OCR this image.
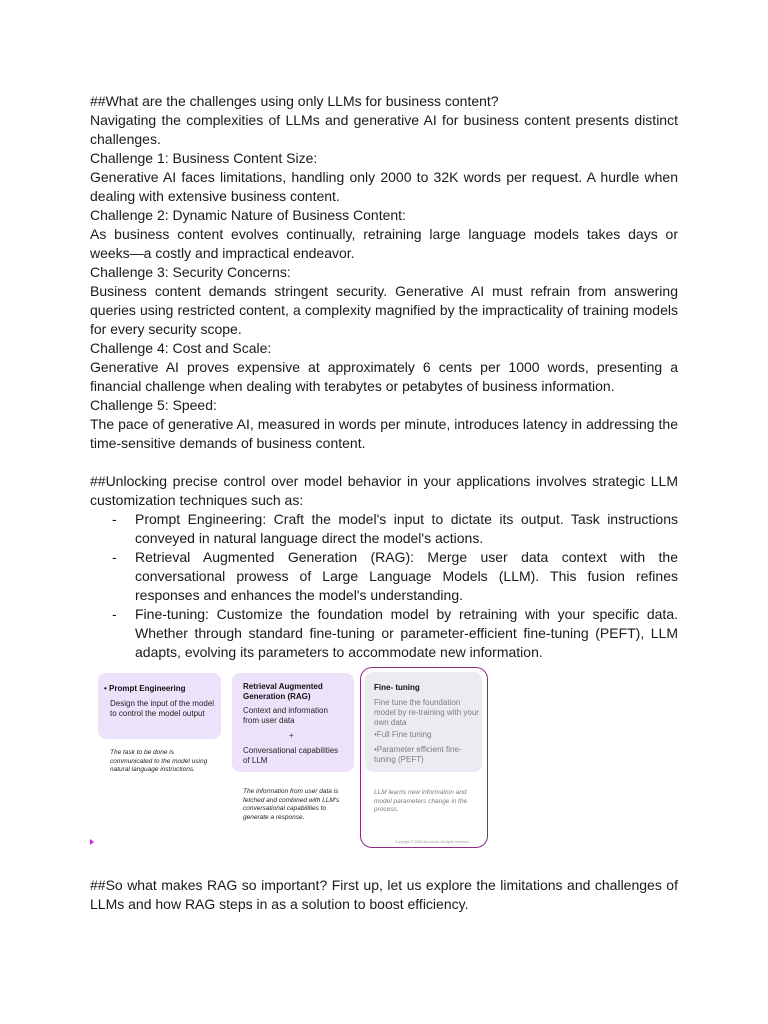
##What are the challenges using only LLMs for business content?

Navigating the complexities of LLMs and generative AI for business content presents distinct challenges.

Challenge 1: Business Content Size:

Generative AI faces limitations, handling only 2000 to 32K words per request. A hurdle when dealing with extensive business content.

Challenge 2: Dynamic Nature of Business Content:

As business content evolves continually, retraining large language models takes days or weeks—a costly and impractical endeavor.

Challenge 3: Security Concerns:

Business content demands stringent security. Generative AI must refrain from answering queries using restricted content, a complexity magnified by the impracticality of training models for every security scope.

Challenge 4: Cost and Scale:

Generative AI proves expensive at approximately 6 cents per 1000 words, presenting a financial challenge when dealing with terabytes or petabytes of business information.

Challenge 5: Speed:

The pace of generative AI, measured in words per minute, introduces latency in addressing the time-sensitive demands of business content.

##Unlocking precise control over model behavior in your applications involves strategic LLM customization techniques such as:

- Prompt Engineering: Craft the model's input to dictate its output. Task instructions conveyed in natural language direct the model's actions.
- Retrieval Augmented Generation (RAG): Merge user data context with the conversational prowess of Large Language Models (LLM). This fusion refines responses and enhances the model's understanding.
- Fine-tuning: Customize the foundation model by retraining with your specific data. Whether through standard fine-tuning or parameter-efficient fine-tuning (PEFT), LLM adapts, evolving its parameters to accommodate new information.
• Prompt Engineering
Design the input of the model to control the model output
The task to be done is communicated to the model using natural language instructions.
Retrieval Augmented Generation (RAG)
Context and information from user data
+
Conversational capabilities of LLM
The information from user data is fetched and combined with LLM's conversational capabilities to generate a response.
Fine- tuning
Fine tune the foundation model by re-training with your own data
•Full Fine tuning
•Parameter efficient fine-tuning (PEFT)
LLM learns new information and model parameters change in the process.
Copyright © 2023 Accenture. All rights reserved.

##So what makes RAG so important? First up, let us explore the limitations and challenges of LLMs and how RAG steps in as a solution to boost efficiency.
